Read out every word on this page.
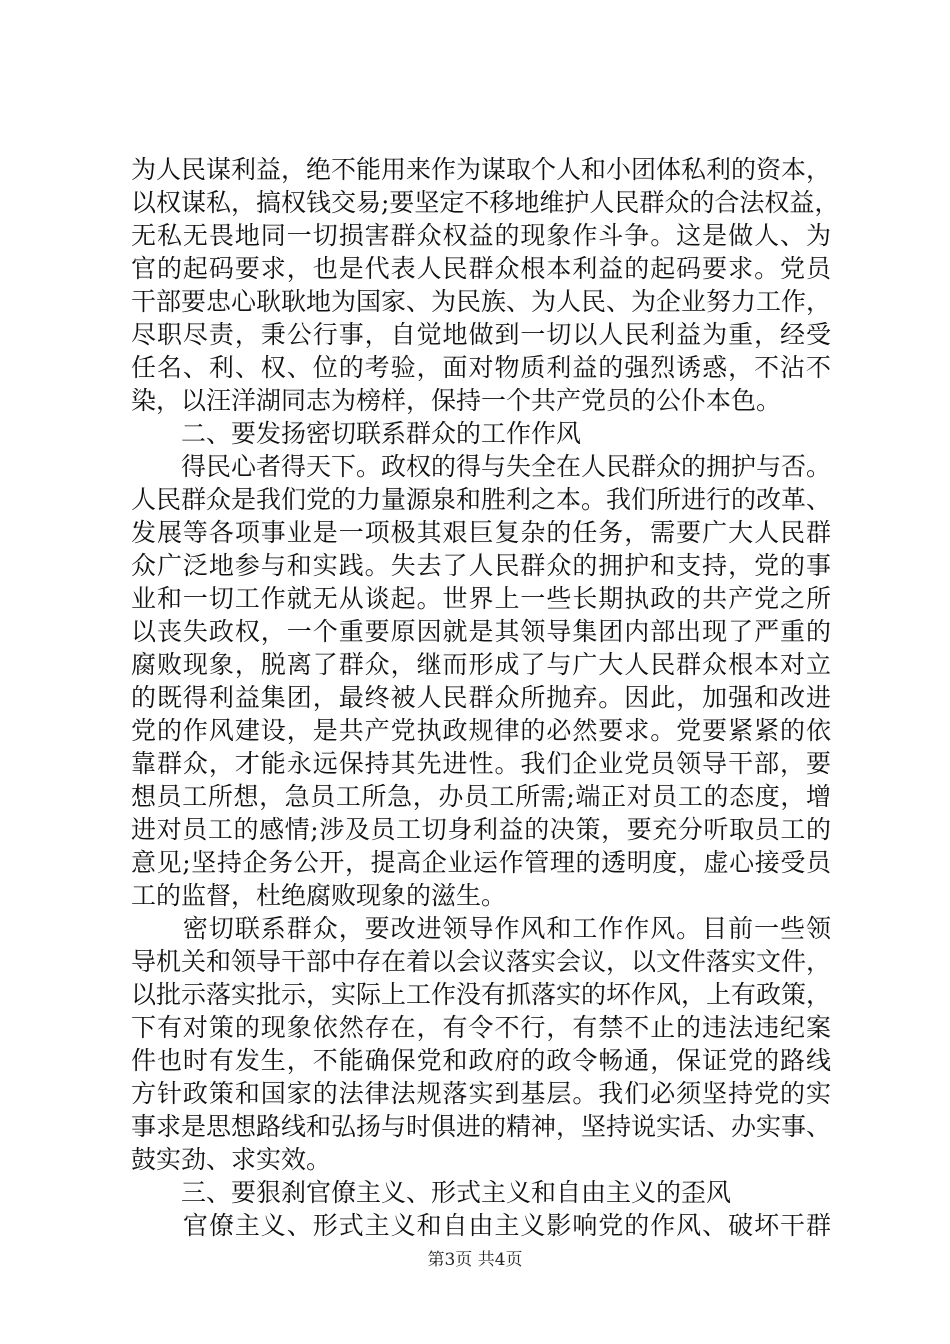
为人民谋利益，绝不能用来作为谋取个人和小团体私利的资本，
以权谋私，搞权钱交易;要坚定不移地维护人民群众的合法权益，
无私无畏地同一切损害群众权益的现象作斗争。这是做人、为
官的起码要求，也是代表人民群众根本利益的起码要求。党员
干部要忠心耿耿地为国家、为民族、为人民、为企业努力工作，
尽职尽责，秉公行事，自觉地做到一切以人民利益为重，经受
任名、利、权、位的考验，面对物质利益的强烈诱惑，不沾不
染，以汪洋湖同志为榜样，保持一个共产党员的公仆本色。
　　二、要发扬密切联系群众的工作作风
　　得民心者得天下。政权的得与失全在人民群众的拥护与否。
人民群众是我们党的力量源泉和胜利之本。我们所进行的改革、
发展等各项事业是一项极其艰巨复杂的任务，需要广大人民群
众广泛地参与和实践。失去了人民群众的拥护和支持，党的事
业和一切工作就无从谈起。世界上一些长期执政的共产党之所
以丧失政权，一个重要原因就是其领导集团内部出现了严重的
腐败现象，脱离了群众，继而形成了与广大人民群众根本对立
的既得利益集团，最终被人民群众所抛弃。因此，加强和改进
党的作风建设，是共产党执政规律的必然要求。党要紧紧的依
靠群众，才能永远保持其先进性。我们企业党员领导干部，要
想员工所想，急员工所急，办员工所需;端正对员工的态度，增
进对员工的感情;涉及员工切身利益的决策，要充分听取员工的
意见;坚持企务公开，提高企业运作管理的透明度，虚心接受员
工的监督，杜绝腐败现象的滋生。
　　密切联系群众，要改进领导作风和工作作风。目前一些领
导机关和领导干部中存在着以会议落实会议，以文件落实文件，
以批示落实批示，实际上工作没有抓落实的坏作风，上有政策，
下有对策的现象依然存在，有令不行，有禁不止的违法违纪案
件也时有发生，不能确保党和政府的政令畅通，保证党的路线
方针政策和国家的法律法规落实到基层。我们必须坚持党的实
事求是思想路线和弘扬与时俱进的精神，坚持说实话、办实事、
鼓实劲、求实效。
　　三、要狠刹官僚主义、形式主义和自由主义的歪风
　　官僚主义、形式主义和自由主义影响党的作风、破坏干群
第3页 共4页
